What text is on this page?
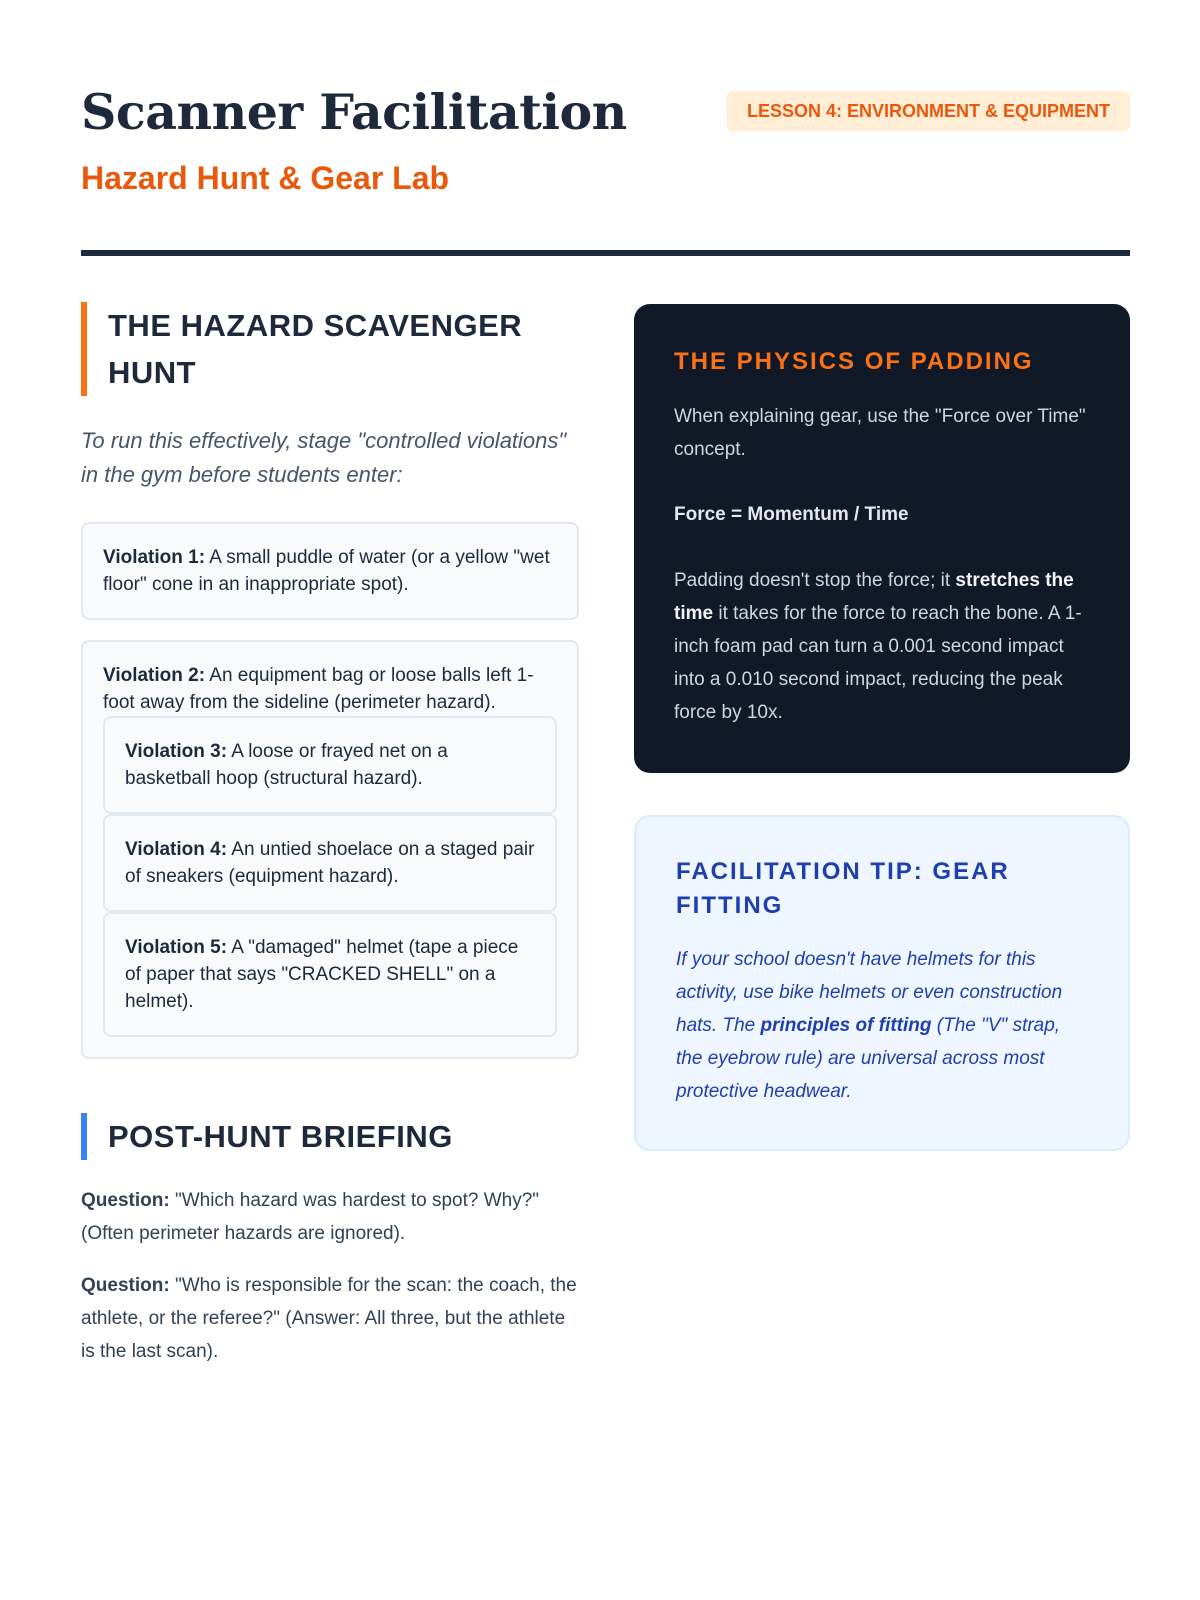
Scanner Facilitation
Hazard Hunt & Gear Lab
LESSON 4: ENVIRONMENT & EQUIPMENT
THE HAZARD SCAVENGER HUNT

To run this effectively, stage "controlled violations" in the gym before students enter:

Violation 1: A small puddle of water (or a yellow "wet floor" cone in an inappropriate spot).
Violation 2: An equipment bag or loose balls left 1-foot away from the sideline (perimeter hazard).
Violation 3: A loose or frayed net on a basketball hoop (structural hazard).
Violation 4: An untied shoelace on a staged pair of sneakers (equipment hazard).
Violation 5: A "damaged" helmet (tape a piece of paper that says "CRACKED SHELL" on a helmet).
POST-HUNT BRIEFING

Question: "Which hazard was hardest to spot? Why?" (Often perimeter hazards are ignored).

Question: "Who is responsible for the scan: the coach, the athlete, or the referee?" (Answer: All three, but the athlete is the last scan).

THE PHYSICS OF PADDING

When explaining gear, use the "Force over Time" concept.

Force = Momentum / Time

Padding doesn't stop the force; it stretches the time it takes for the force to reach the bone. A 1-inch foam pad can turn a 0.001 second impact into a 0.010 second impact, reducing the peak force by 10x.

FACILITATION TIP: GEAR FITTING

If your school doesn't have helmets for this activity, use bike helmets or even construction hats. The principles of fitting (The "V" strap, the eyebrow rule) are universal across most protective headwear.
